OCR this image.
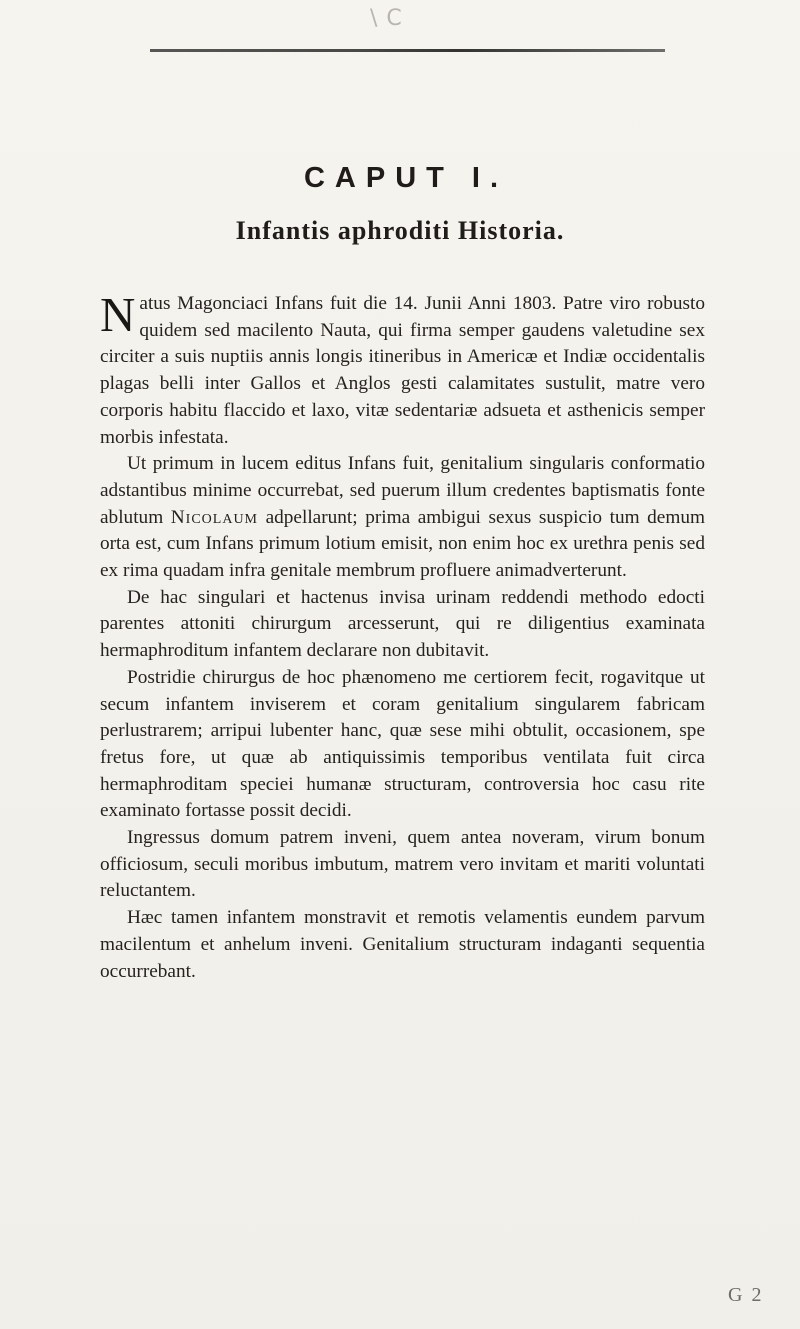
\ C
CAPUT I.
Infantis aphroditi Historia.

Natus Magonciaci Infans fuit die 14. Junii Anni 1803. Patre viro robusto quidem sed macilento Nauta, qui firma semper gaudens valetudine sex circiter a suis nuptiis annis longis itineribus in Americæ et Indiæ occidentalis plagas belli inter Gallos et Anglos gesti calamitates sustulit, matre vero corporis habitu flaccido et laxo, vitæ sedentariæ adsueta et asthenicis semper morbis infestata.

Ut primum in lucem editus Infans fuit, genitalium singularis conformatio adstantibus minime occurrebat, sed puerum illum credentes baptismatis fonte ablutum Nicolaum adpellarunt; prima ambigui sexus suspicio tum demum orta est, cum Infans primum lotium emisit, non enim hoc ex urethra penis sed ex rima quadam infra genitale membrum profluere animadverterunt.

De hac singulari et hactenus invisa urinam reddendi methodo edocti parentes attoniti chirurgum arcesserunt, qui re diligentius examinata hermaphroditum infantem declarare non dubitavit.

Postridie chirurgus de hoc phænomeno me certiorem fecit, rogavitque ut secum infantem inviserem et coram genitalium singularem fabricam perlustrarem; arripui lubenter hanc, quæ sese mihi obtulit, occasionem, spe fretus fore, ut quæ ab antiquissimis temporibus ventilata fuit circa hermaphroditam speciei humanæ structuram, controversia hoc casu rite examinato fortasse possit decidi.

Ingressus domum patrem inveni, quem antea noveram, virum bonum officiosum, seculi moribus imbutum, matrem vero invitam et mariti voluntati reluctantem.

Hæc tamen infantem monstravit et remotis velamentis eundem parvum macilentum et anhelum inveni. Genitalium structuram indaganti sequentia occurrebant.

G 2
